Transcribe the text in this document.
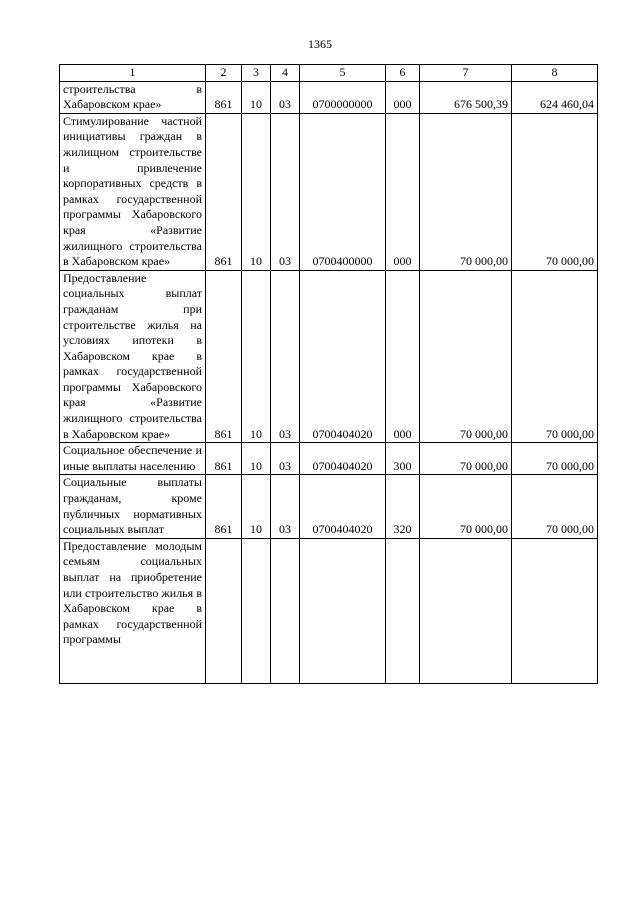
1365
1	2	3	4	5	6	7	8
строительства в Хабаровском крае»	861	10	03	0700000000	000	676 500,39	624 460,04
Стимулирование частной инициативы граждан в жилищном строительстве и привлечение корпоративных средств в рамках государственной программы Хабаровского края «Развитие жилищного строительства в Хабаровском крае»	861	10	03	0700400000	000	70 000,00	70 000,00
Предоставление социальных выплат гражданам при строительстве жилья на условиях ипотеки в Хабаровском крае в рамках государственной программы Хабаровского края «Развитие жилищного строительства в Хабаровском крае»	861	10	03	0700404020	000	70 000,00	70 000,00
Социальное обеспечение и иные выплаты населению	861	10	03	0700404020	300	70 000,00	70 000,00
Социальные выплаты гражданам, кроме публичных нормативных социальных выплат	861	10	03	0700404020	320	70 000,00	70 000,00
Предоставление молодым семьям социальных выплат на приобретение или строительство жилья в Хабаровском крае в рамках государственной программы							
